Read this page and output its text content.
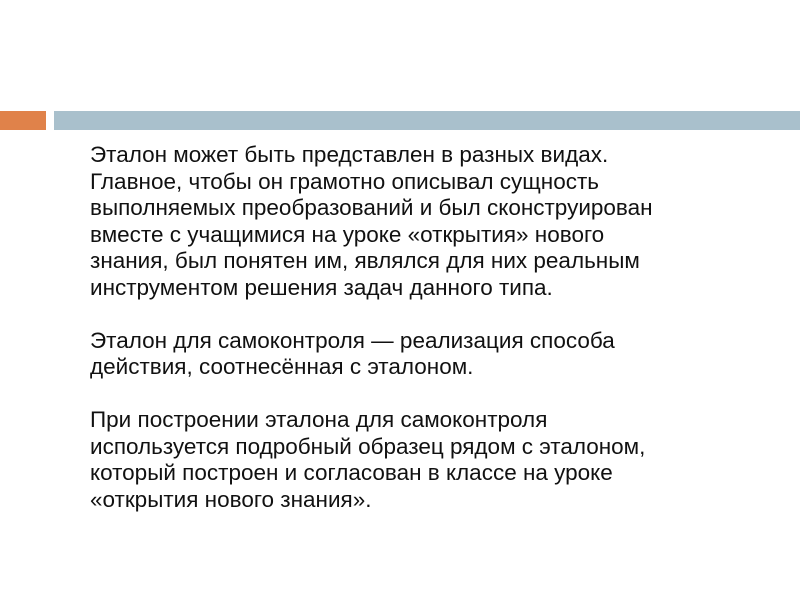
Эталон может быть представлен в разных видах.
Главное, чтобы он грамотно описывал сущность
выполняемых преобразований и был сконструирован
вместе с учащимися на уроке «открытия» нового
знания, был понятен им, являлся для них реальным
инструментом решения задач данного типа.

Эталон для самоконтроля — реализация способа
действия, соотнесённая с эталоном.

При построении эталона для самоконтроля
используется подробный образец рядом с эталоном,
который построен и согласован в классе на уроке
«открытия нового знания».
